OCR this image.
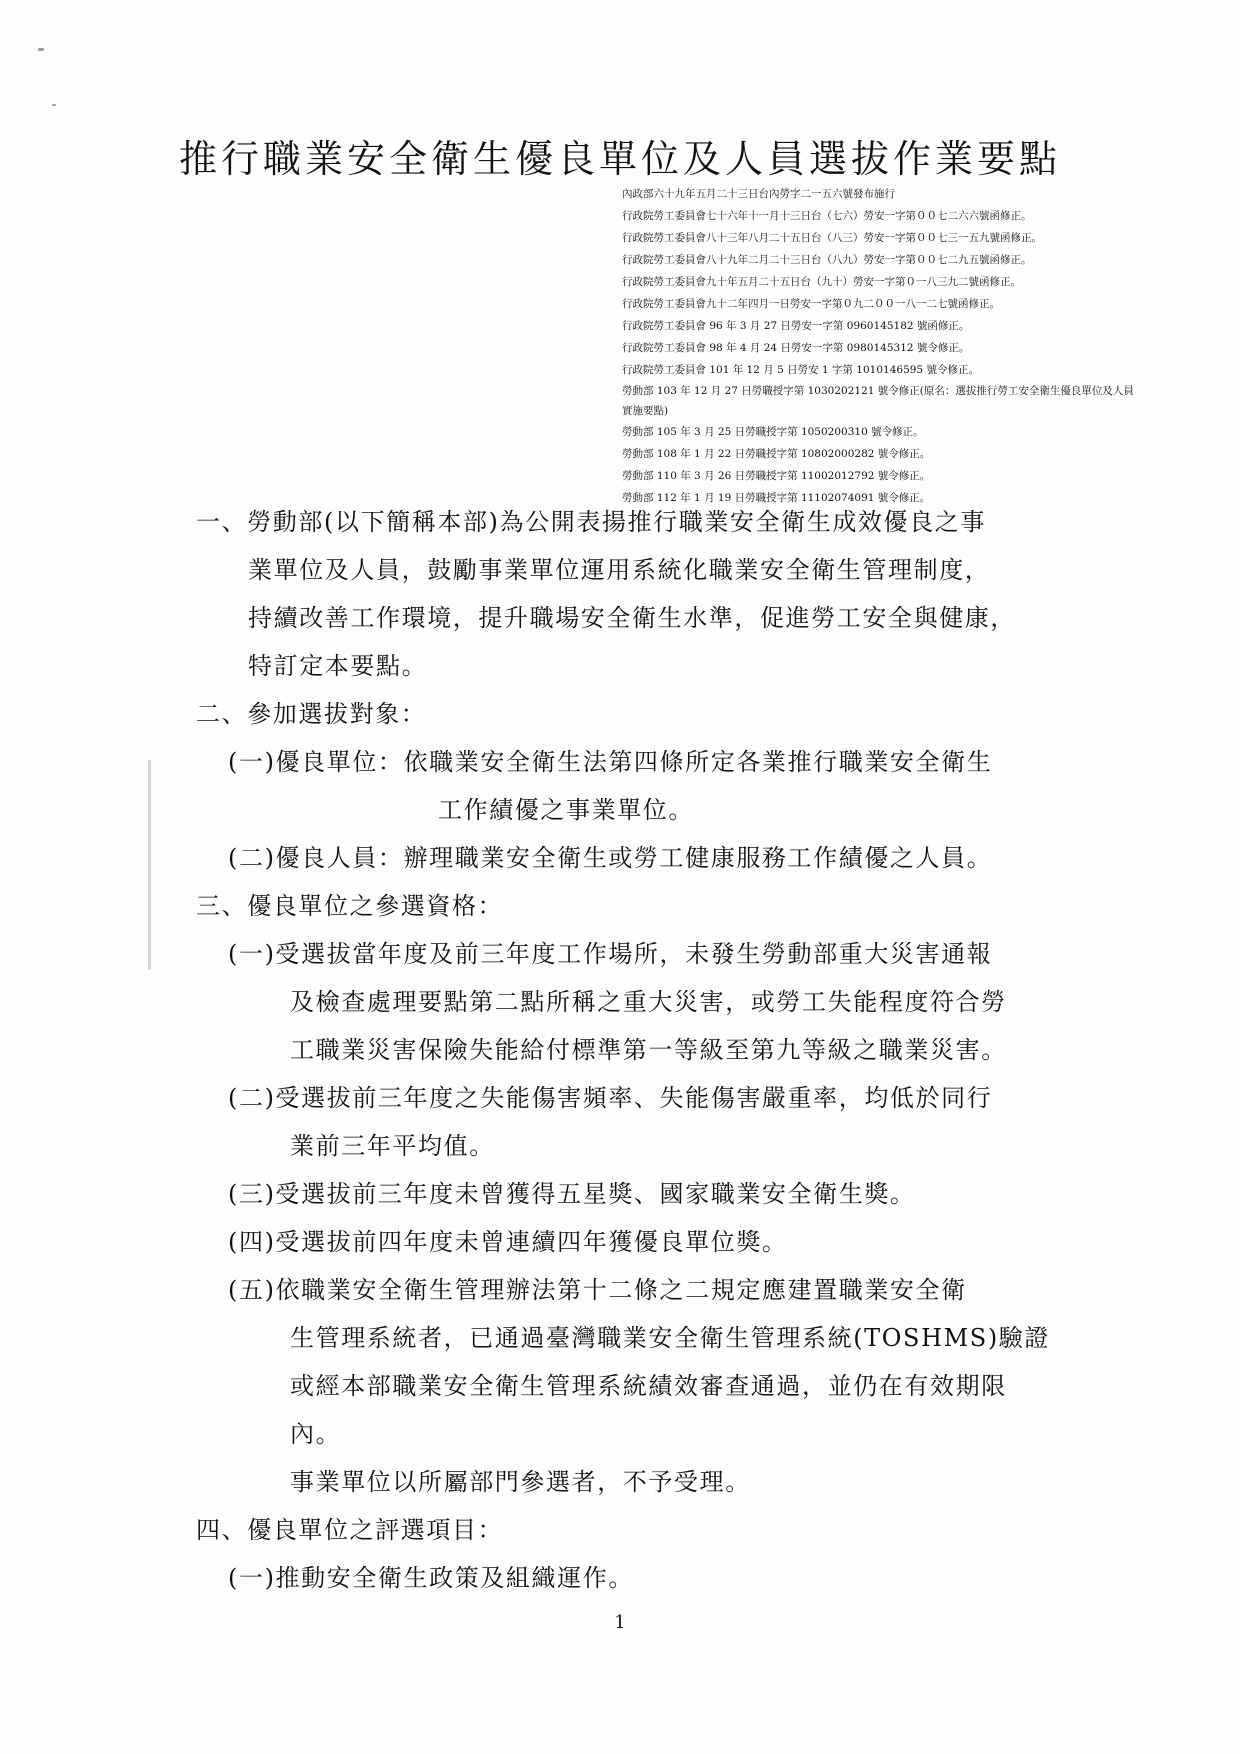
推行職業安全衛生優良單位及人員選拔作業要點
內政部六十九年五月二十三日台內勞字二一五六號發布施行
行政院勞工委員會七十六年十一月十三日台（七六）勞安一字第００七二六六號函修正。
行政院勞工委員會八十三年八月二十五日台（八三）勞安一字第００七三一五九號函修正。
行政院勞工委員會八十九年二月二十三日台（八九）勞安一字第００七二九五號函修正。
行政院勞工委員會九十年五月二十五日台（九十）勞安一字第０一八三九二號函修正。
行政院勞工委員會九十二年四月一日勞安一字第０九二００一八一二七號函修正。
行政院勞工委員會 96 年 3 月 27 日勞安一字第 0960145182 號函修正。
行政院勞工委員會 98 年 4 月 24 日勞安一字第 0980145312 號令修正。
行政院勞工委員會 101 年 12 月 5 日勞安 1 字第 1010146595 號令修正。
勞動部 103 年 12 月 27 日勞職授字第 1030202121 號令修正(原名：選拔推行勞工安全衛生優良單位及人員實施要點)
勞動部 105 年 3 月 25 日勞職授字第 1050200310 號令修正。
勞動部 108 年 1 月 22 日勞職授字第 10802000282 號令修正。
勞動部 110 年 3 月 26 日勞職授字第 11002012792 號令修正。
勞動部 112 年 1 月 19 日勞職授字第 11102074091 號令修正。
一、勞動部(以下簡稱本部)為公開表揚推行職業安全衛生成效優良之事
業單位及人員，鼓勵事業單位運用系統化職業安全衛生管理制度，
持續改善工作環境，提升職場安全衛生水準，促進勞工安全與健康，
特訂定本要點。
二、參加選拔對象：
(一)優良單位：依職業安全衛生法第四條所定各業推行職業安全衛生
工作績優之事業單位。
(二)優良人員：辦理職業安全衛生或勞工健康服務工作績優之人員。
三、優良單位之參選資格：
(一)受選拔當年度及前三年度工作場所，未發生勞動部重大災害通報
及檢查處理要點第二點所稱之重大災害，或勞工失能程度符合勞
工職業災害保險失能給付標準第一等級至第九等級之職業災害。
(二)受選拔前三年度之失能傷害頻率、失能傷害嚴重率，均低於同行
業前三年平均值。
(三)受選拔前三年度未曾獲得五星獎、國家職業安全衛生獎。
(四)受選拔前四年度未曾連續四年獲優良單位獎。
(五)依職業安全衛生管理辦法第十二條之二規定應建置職業安全衛
生管理系統者，已通過臺灣職業安全衛生管理系統(TOSHMS)驗證
或經本部職業安全衛生管理系統績效審查通過，並仍在有效期限
內。
事業單位以所屬部門參選者，不予受理。
四、優良單位之評選項目：
(一)推動安全衛生政策及組織運作。
1
